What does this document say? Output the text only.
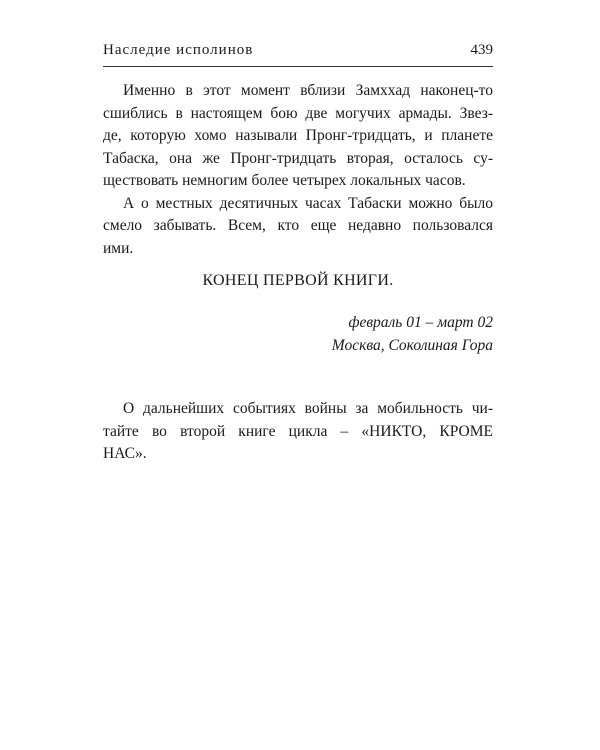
Наследие исполинов	439
Именно в этот момент вблизи Замххад наконец-то
сшиблись в настоящем бою две могучих армады. Звез-
де, которую хомо называли Пронг-тридцать, и планете
Табаска, она же Пронг-тридцать вторая, осталось су-
ществовать немногим более четырех локальных часов.
А о местных десятичных часах Табаски можно было
смело забывать. Всем, кто еще недавно пользовался
ими.
КОНЕЦ ПЕРВОЙ КНИГИ.
февраль 01 – март 02
Москва, Соколиная Гора
О дальнейших событиях войны за мобильность чи-
тайте во второй книге цикла – «НИКТО, КРОМЕ
НАС».
